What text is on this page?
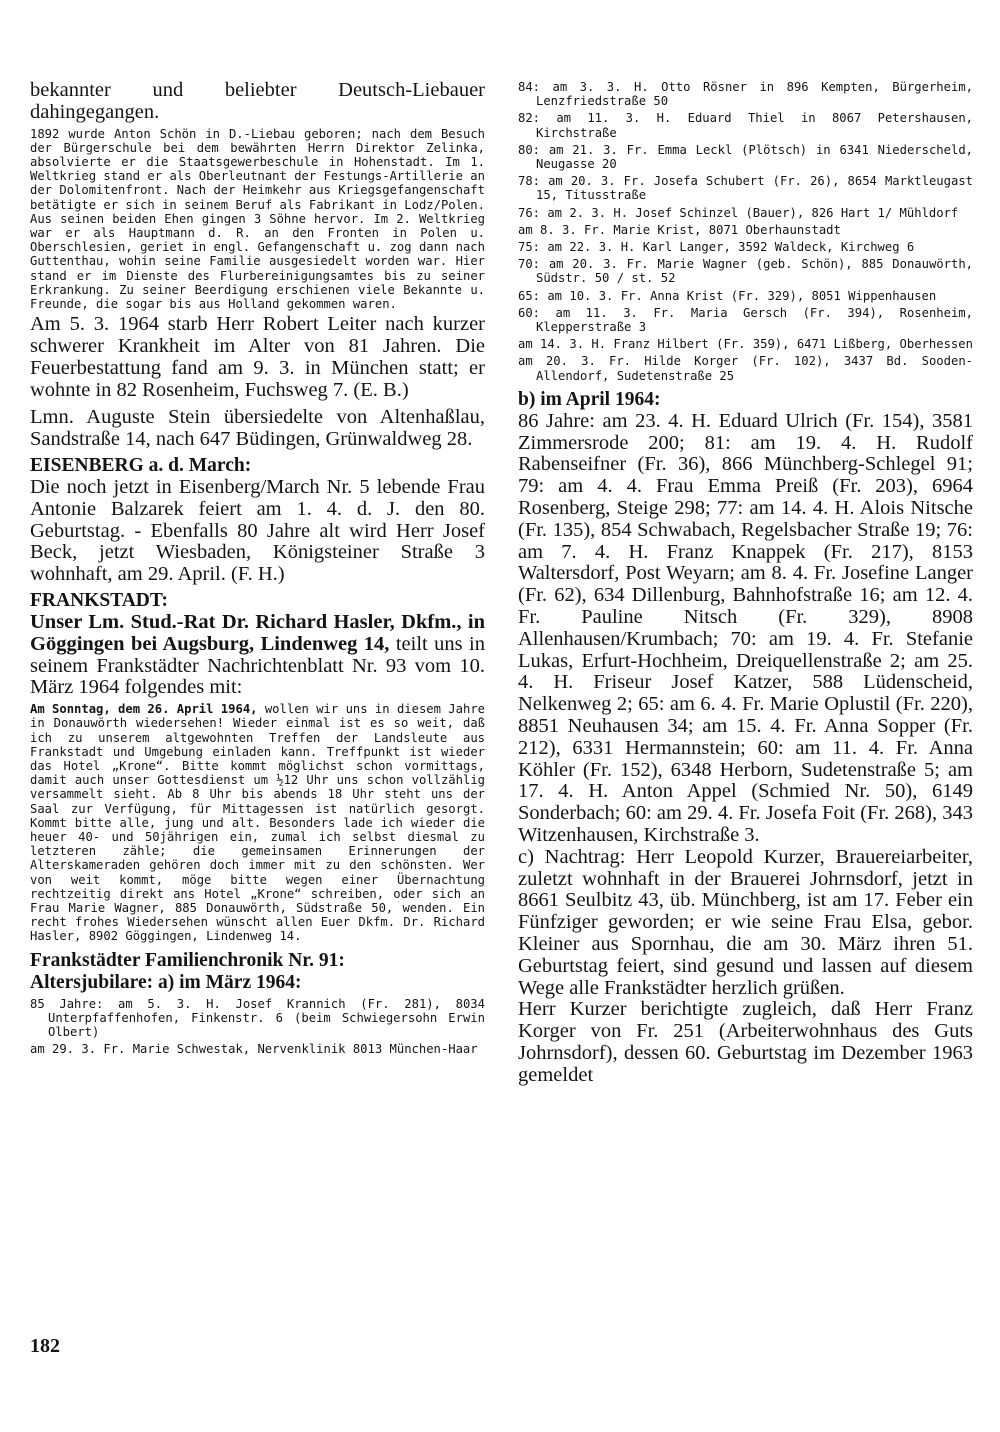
bekannter und beliebter Deutsch-Liebauer dahingegangen.

1892 wurde Anton Schön in D.-Liebau geboren; nach dem Besuch der Bürgerschule bei dem bewährten Herrn Direktor Zelinka, absolvierte er die Staatsgewerbeschule in Hohenstadt. Im 1. Weltkrieg stand er als Oberleutnant der Festungs-Artillerie an der Dolomitenfront. Nach der Heimkehr aus Kriegsgefangenschaft betätigte er sich in seinem Beruf als Fabrikant in Lodz/Polen. Aus seinen beiden Ehen gingen 3 Söhne hervor. Im 2. Weltkrieg war er als Hauptmann d. R. an den Fronten in Polen u. Oberschlesien, geriet in engl. Gefangenschaft u. zog dann nach Guttenthau, wohin seine Familie ausgesiedelt worden war. Hier stand er im Dienste des Flurbereinigungsamtes bis zu seiner Erkrankung. Zu seiner Beerdigung erschienen viele Bekannte u. Freunde, die sogar bis aus Holland gekommen waren.

Am 5. 3. 1964 starb Herr Robert Leiter nach kurzer schwerer Krankheit im Alter von 81 Jahren. Die Feuerbestattung fand am 9. 3. in München statt; er wohnte in 82 Rosenheim, Fuchsweg 7. (E. B.)

Lmn. Auguste Stein übersiedelte von Altenhaßlau, Sandstraße 14, nach 647 Büdingen, Grünwaldweg 28.

EISENBERG a. d. March:

Die noch jetzt in Eisenberg/March Nr. 5 lebende Frau Antonie Balzarek feiert am 1. 4. d. J. den 80. Geburtstag. - Ebenfalls 80 Jahre alt wird Herr Josef Beck, jetzt Wiesbaden, Königsteiner Straße 3 wohnhaft, am 29. April. (F. H.)

FRANKSTADT:

Unser Lm. Stud.-Rat Dr. Richard Hasler, Dkfm., in Göggingen bei Augsburg, Lindenweg 14, teilt uns in seinem Frankstädter Nachrichtenblatt Nr. 93 vom 10. März 1964 folgendes mit:

Am Sonntag, dem 26. April 1964, wollen wir uns in diesem Jahre in Donauwörth wiedersehen! Wieder einmal ist es so weit, daß ich zu unserem altgewohnten Treffen der Landsleute aus Frankstadt und Umgebung einladen kann. Treffpunkt ist wieder das Hotel „Krone“. Bitte kommt möglichst schon vormittags, damit auch unser Gottesdienst um ½12 Uhr uns schon vollzählig versammelt sieht. Ab 8 Uhr bis abends 18 Uhr steht uns der Saal zur Verfügung, für Mittagessen ist natürlich gesorgt. Kommt bitte alle, jung und alt. Besonders lade ich wieder die heuer 40- und 50jährigen ein, zumal ich selbst diesmal zu letzteren zähle; die gemeinsamen Erinnerungen der Alterskameraden gehören doch immer mit zu den schönsten. Wer von weit kommt, möge bitte wegen einer Übernachtung rechtzeitig direkt ans Hotel „Krone“ schreiben, oder sich an Frau Marie Wagner, 885 Donauwörth, Südstraße 50, wenden. Ein recht frohes Wiedersehen wünscht allen Euer Dkfm. Dr. Richard Hasler, 8902 Göggingen, Lindenweg 14.

Frankstädter Familienchronik Nr. 91:
Altersjubilare: a) im März 1964:

85 Jahre: am 5. 3. H. Josef Krannich (Fr. 281), 8034 Unterpfaffenhofen, Finkenstr. 6 (beim Schwiegersohn Erwin Olbert)

am 29. 3. Fr. Marie Schwestak, Nervenklinik 8013 München-Haar

84: am 3. 3. H. Otto Rösner in 896 Kempten, Bürgerheim, Lenzfriedstraße 50

82: am 11. 3. H. Eduard Thiel in 8067 Petershausen, Kirchstraße

80: am 21. 3. Fr. Emma Leckl (Plötsch) in 6341 Niederscheld, Neugasse 20

78: am 20. 3. Fr. Josefa Schubert (Fr. 26), 8654 Marktleugast 15, Titusstraße

76: am 2. 3. H. Josef Schinzel (Bauer), 826 Hart 1/ Mühldorf

am 8. 3. Fr. Marie Krist, 8071 Oberhaunstadt

75: am 22. 3. H. Karl Langer, 3592 Waldeck, Kirchweg 6

70: am 20. 3. Fr. Marie Wagner (geb. Schön), 885 Donauwörth, Südstr. 50 / st. 52

65: am 10. 3. Fr. Anna Krist (Fr. 329), 8051 Wippenhausen

60: am 11. 3. Fr. Maria Gersch (Fr. 394), Rosenheim, Klepperstraße 3

am 14. 3. H. Franz Hilbert (Fr. 359), 6471 Lißberg, Oberhessen

am 20. 3. Fr. Hilde Korger (Fr. 102), 3437 Bd. Sooden-Allendorf, Sudetenstraße 25

b) im April 1964:

86 Jahre: am 23. 4. H. Eduard Ulrich (Fr. 154), 3581 Zimmersrode 200; 81: am 19. 4. H. Rudolf Rabenseifner (Fr. 36), 866 Münchberg-Schlegel 91; 79: am 4. 4. Frau Emma Preiß (Fr. 203), 6964 Rosenberg, Steige 298; 77: am 14. 4. H. Alois Nitsche (Fr. 135), 854 Schwabach, Regelsbacher Straße 19; 76: am 7. 4. H. Franz Knappek (Fr. 217), 8153 Waltersdorf, Post Weyarn; am 8. 4. Fr. Josefine Langer (Fr. 62), 634 Dillenburg, Bahnhofstraße 16; am 12. 4. Fr. Pauline Nitsch (Fr. 329), 8908 Allenhausen/Krumbach; 70: am 19. 4. Fr. Stefanie Lukas, Erfurt-Hochheim, Dreiquellenstraße 2; am 25. 4. H. Friseur Josef Katzer, 588 Lüdenscheid, Nelkenweg 2; 65: am 6. 4. Fr. Marie Oplustil (Fr. 220), 8851 Neuhausen 34; am 15. 4. Fr. Anna Sopper (Fr. 212), 6331 Hermannstein; 60: am 11. 4. Fr. Anna Köhler (Fr. 152), 6348 Herborn, Sudetenstraße 5; am 17. 4. H. Anton Appel (Schmied Nr. 50), 6149 Sonderbach; 60: am 29. 4. Fr. Josefa Foit (Fr. 268), 343 Witzenhausen, Kirchstraße 3.

c) Nachtrag: Herr Leopold Kurzer, Brauereiarbeiter, zuletzt wohnhaft in der Brauerei Johrnsdorf, jetzt in 8661 Seulbitz 43, üb. Münchberg, ist am 17. Feber ein Fünfziger geworden; er wie seine Frau Elsa, gebor. Kleiner aus Spornhau, die am 30. März ihren 51. Geburtstag feiert, sind gesund und lassen auf diesem Wege alle Frankstädter herzlich grüßen.

Herr Kurzer berichtigte zugleich, daß Herr Franz Korger von Fr. 251 (Arbeiterwohnhaus des Guts Johrnsdorf), dessen 60. Geburtstag im Dezember 1963 gemeldet

182
